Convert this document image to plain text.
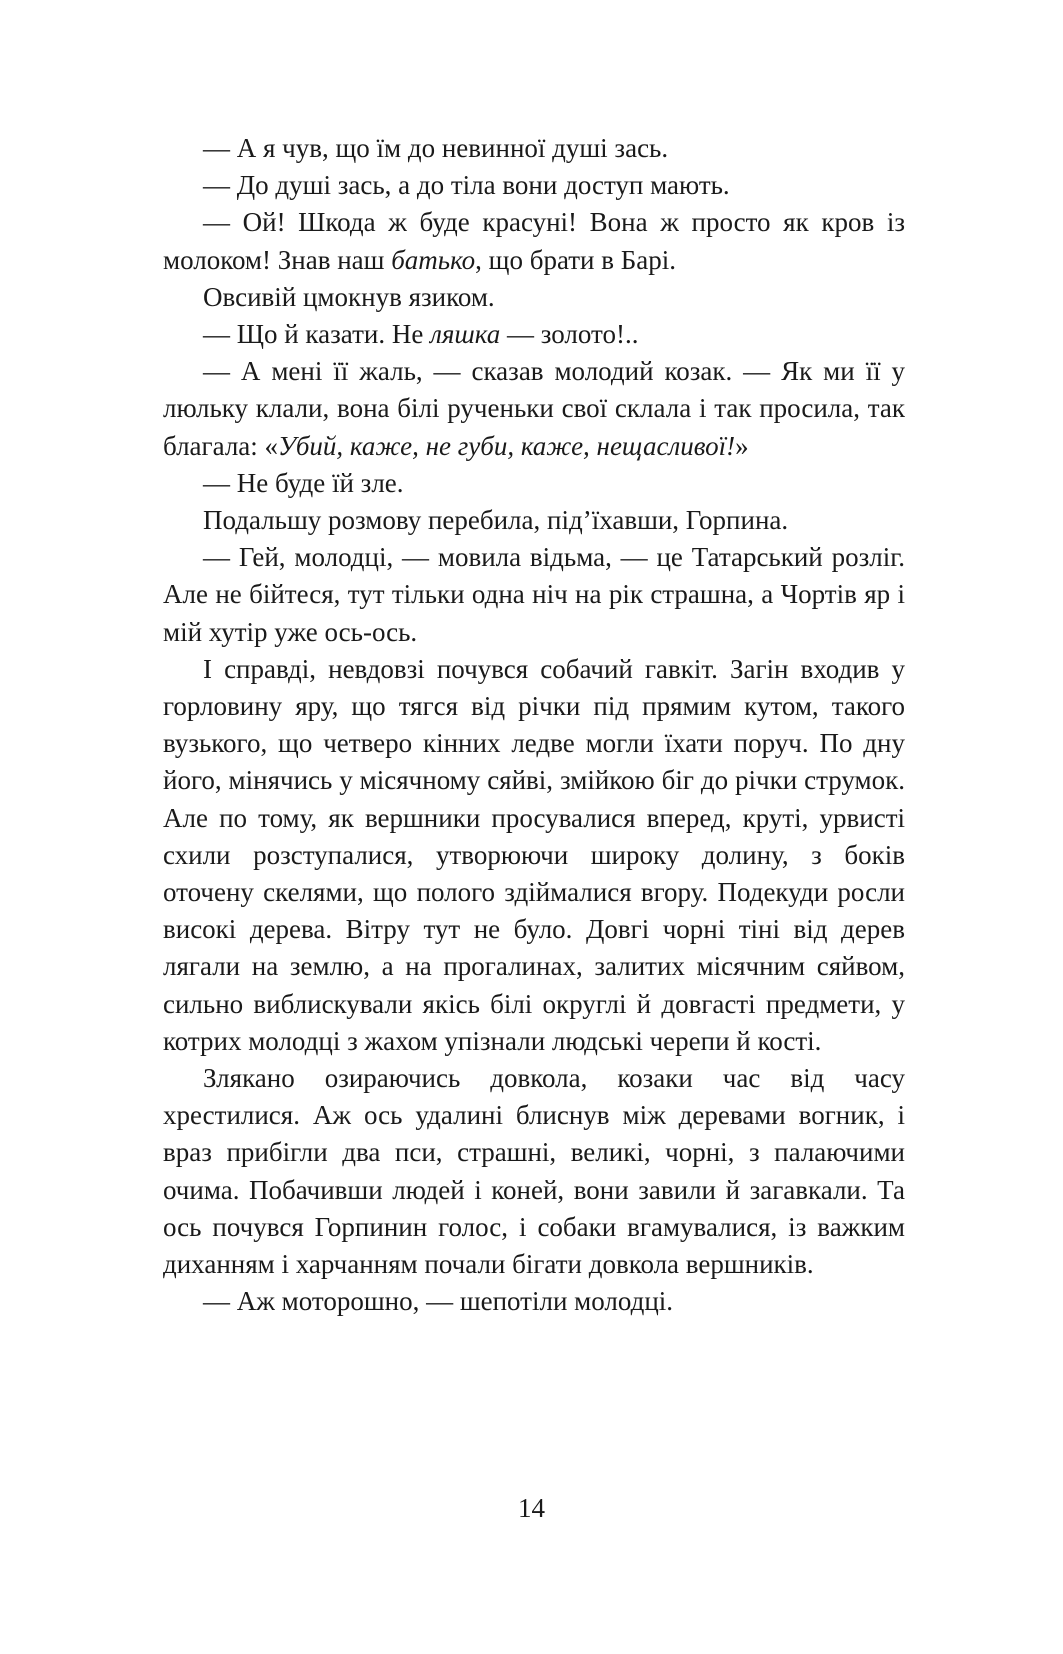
— А я чув, що їм до невинної душі зась.

— До душі зась, а до тіла вони доступ мають.

— Ой! Шкода ж буде красуні! Вона ж просто як кров із молоком! Знав наш батько, що брати в Барі.

Овсивій цмокнув язиком.

— Що й казати. Не ляшка — золото!..

— А мені її жаль, — сказав молодий козак. — Як ми її у люльку клали, вона білі рученьки свої склала і так просила, так благала: «Убий, каже, не губи, каже, нещасливої!»

— Не буде їй зле.

Подальшу розмову перебила, під’їхавши, Горпина.

— Гей, молодці, — мовила відьма, — це Татарський розліг. Але не бійтеся, тут тільки одна ніч на рік страшна, а Чортів яр і мій хутір уже ось-ось.

І справді, невдовзі почувся собачий гавкіт. Загін входив у горловину яру, що тягся від річки під прямим кутом, такого вузького, що четверо кінних ледве могли їхати поруч. По дну його, мінячись у місячному сяйві, змійкою біг до річки струмок. Але по тому, як вершники просувалися вперед, круті, урвисті схили розступалися, утворюючи широку долину, з боків оточену скелями, що полого здіймалися вгору. Подекуди росли високі дерева. Вітру тут не було. Довгі чорні тіні від дерев лягали на землю, а на прогалинах, залитих місячним сяйвом, сильно виблискували якісь білі округлі й довгасті предмети, у котрих молодці з жахом упізнали людські черепи й кості.

Злякано озираючись довкола, козаки час від часу хрестилися. Аж ось удалині блиснув між деревами вогник, і враз прибігли два пси, страшні, великі, чорні, з палаючими очима. Побачивши людей і коней, вони завили й загавкали. Та ось почувся Горпинин голос, і собаки вгамувалися, із важким диханням і харчанням почали бігати довкола вершників.

— Аж моторошно, — шепотіли молодці.

14
